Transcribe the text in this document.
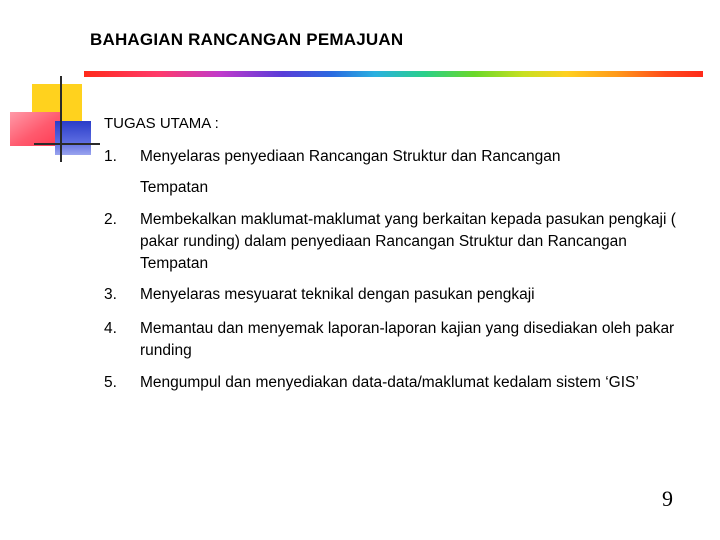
BAHAGIAN RANCANGAN PEMAJUAN
TUGAS UTAMA :
1. Menyelaras penyediaan Rancangan Struktur dan Rancangan
Tempatan
2. Membekalkan maklumat-maklumat yang berkaitan kepada pasukan pengkaji ( pakar runding) dalam penyediaan Rancangan Struktur dan Rancangan Tempatan
3. Menyelaras mesyuarat teknikal dengan pasukan pengkaji
4. Memantau dan menyemak laporan-laporan kajian yang disediakan oleh pakar runding
5. Mengumpul dan menyediakan data-data/maklumat kedalam sistem ‘GIS’
9
